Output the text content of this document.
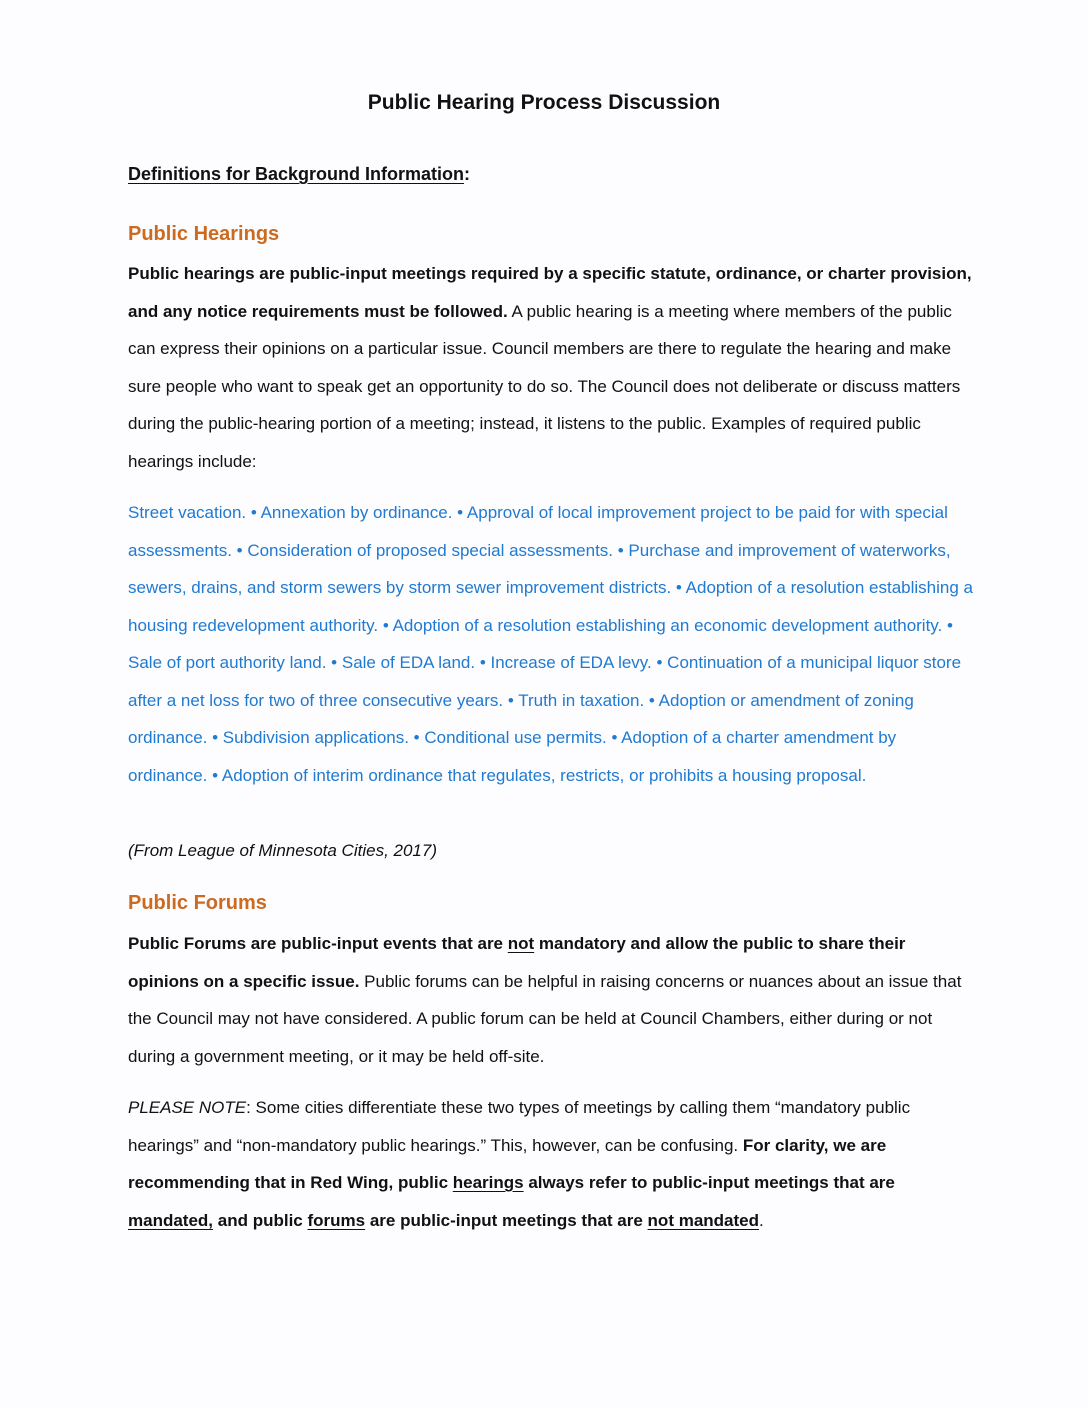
Public Hearing Process Discussion
Definitions for Background Information:
Public Hearings

Public hearings are public-input meetings required by a specific statute, ordinance, or charter provision, and any notice requirements must be followed. A public hearing is a meeting where members of the public can express their opinions on a particular issue. Council members are there to regulate the hearing and make sure people who want to speak get an opportunity to do so. The Council does not deliberate or discuss matters during the public-hearing portion of a meeting; instead, it listens to the public. Examples of required public hearings include:

Street vacation. • Annexation by ordinance. • Approval of local improvement project to be paid for with special assessments. • Consideration of proposed special assessments. • Purchase and improvement of waterworks, sewers, drains, and storm sewers by storm sewer improvement districts. • Adoption of a resolution establishing a housing redevelopment authority. • Adoption of a resolution establishing an economic development authority. • Sale of port authority land. • Sale of EDA land. • Increase of EDA levy. • Continuation of a municipal liquor store after a net loss for two of three consecutive years. • Truth in taxation. • Adoption or amendment of zoning ordinance. • Subdivision applications. • Conditional use permits. • Adoption of a charter amendment by ordinance. • Adoption of interim ordinance that regulates, restricts, or prohibits a housing proposal.

(From League of Minnesota Cities, 2017)
Public Forums

Public Forums are public-input events that are not mandatory and allow the public to share their opinions on a specific issue. Public forums can be helpful in raising concerns or nuances about an issue that the Council may not have considered. A public forum can be held at Council Chambers, either during or not during a government meeting, or it may be held off-site.

PLEASE NOTE: Some cities differentiate these two types of meetings by calling them “mandatory public hearings” and “non-mandatory public hearings.” This, however, can be confusing. For clarity, we are recommending that in Red Wing, public hearings always refer to public-input meetings that are mandated, and public forums are public-input meetings that are not mandated.
